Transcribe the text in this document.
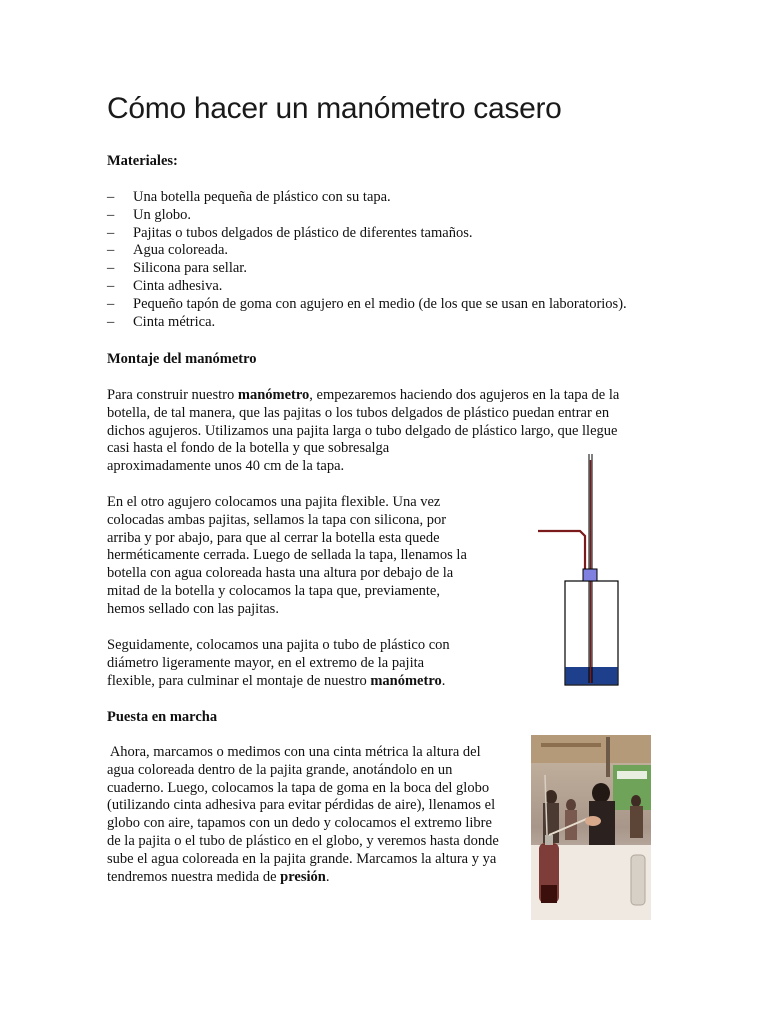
Cómo hacer un manómetro casero
Materiales:
– Una botella pequeña de plástico con su tapa.
– Un globo.
– Pajitas o tubos delgados de plástico de diferentes tamaños.
– Agua coloreada.
– Silicona para sellar.
– Cinta adhesiva.
– Pequeño tapón de goma con agujero en el medio (de los que se usan en laboratorios).
– Cinta métrica.
Montaje del manómetro

Para construir nuestro manómetro, empezaremos haciendo dos agujeros en la tapa de la
botella, de tal manera, que las pajitas o los tubos delgados de plástico puedan entrar en
dichos agujeros. Utilizamos una pajita larga o tubo delgado de plástico largo, que llegue
casi hasta el fondo de la botella y que sobresalga
aproximadamente unos 40 cm de la tapa.

En el otro agujero colocamos una pajita flexible. Una vez
colocadas ambas pajitas, sellamos la tapa con silicona, por
arriba y por abajo, para que al cerrar la botella esta quede
herméticamente cerrada. Luego de sellada la tapa, llenamos la
botella con agua coloreada hasta una altura por debajo de la
mitad de la botella y colocamos la tapa que, previamente,
hemos sellado con las pajitas.

Seguidamente, colocamos una pajita o tubo de plástico con
diámetro ligeramente mayor, en el extremo de la pajita
flexible, para culminar el montaje de nuestro manómetro.

Puesta en marcha

Ahora, marcamos o medimos con una cinta métrica la altura del
agua coloreada dentro de la pajita grande, anotándolo en un
cuaderno. Luego, colocamos la tapa de goma en la boca del globo
(utilizando cinta adhesiva para evitar pérdidas de aire), llenamos el
globo con aire, tapamos con un dedo y colocamos el extremo libre
de la pajita o el tubo de plástico en el globo, y veremos hasta donde
sube el agua coloreada en la pajita grande. Marcamos la altura y ya
tendremos nuestra medida de presión.
